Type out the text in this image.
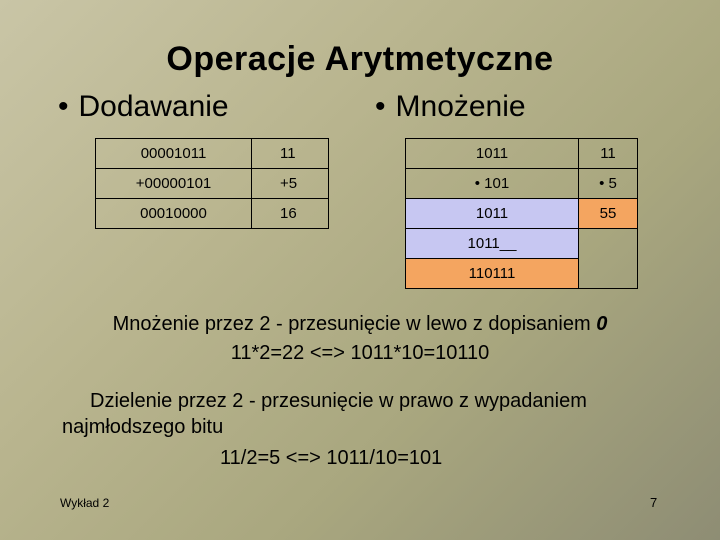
Operacje Arytmetyczne
• Dodawanie	• Mnożenie
00001011	11
+00000101	+5
00010000	16
1011	11
• 101	• 5
1011	55
1011__	
110111	
Mnożenie przez 2 - przesunięcie w lewo z dopisaniem 0
11*2=22 <=> 1011*10=10110
Dzielenie przez 2 - przesunięcie w prawo z wypadaniem
najmłodszego bitu
11/2=5 <=> 1011/10=101
Wykład 2	7
